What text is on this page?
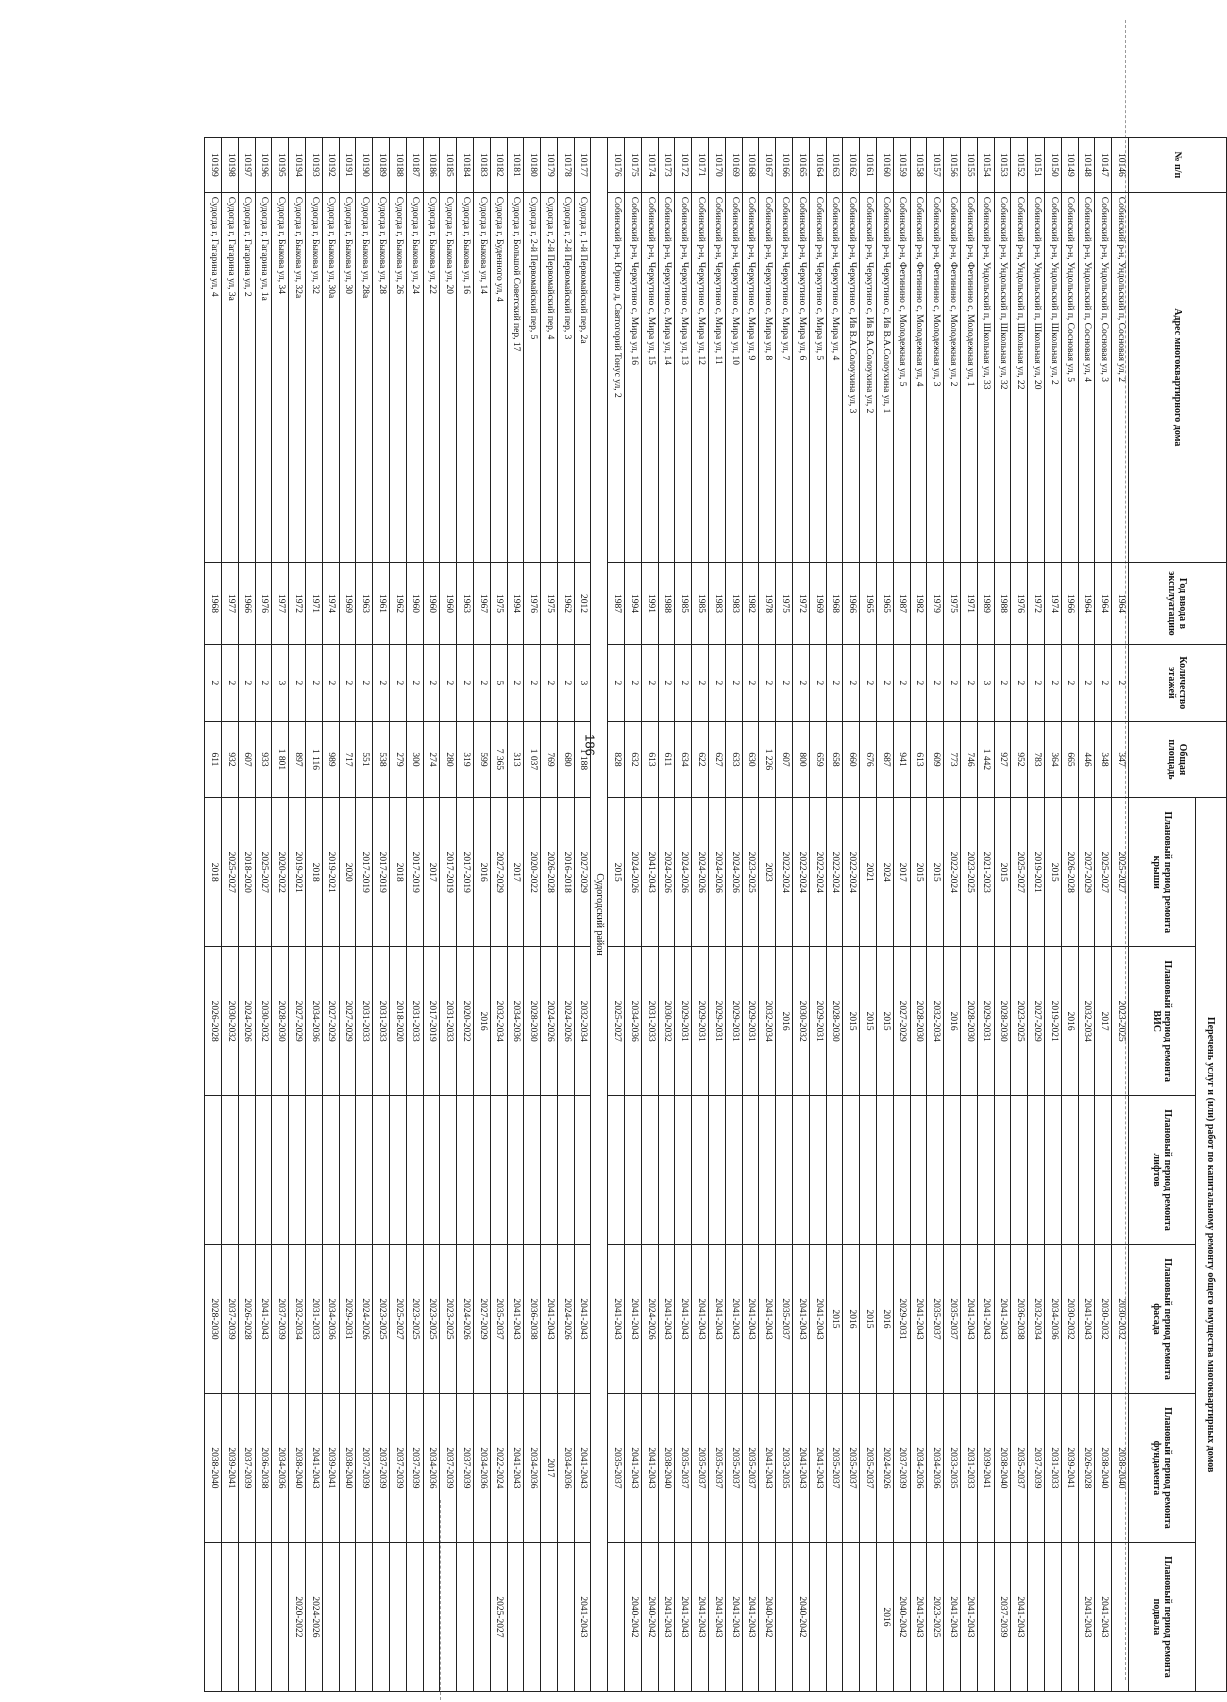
186
№ п/п	Адрес многоквартирного дома	Год ввода в эксплуатацию	Количество этажей	Общая площадь	Перечень услуг и (или) работ по капитальному ремонту общего имущества многоквартирных домов					
					Плановый период ремонта крыши	Плановый период ремонта ВИС	Плановый период ремонта лифтов	Плановый период ремонта фасада	Плановый период ремонта фундамента	Плановый период ремонта подвала
10146	Собинский р-н, Ундольский п, Сосновая ул, 2	1964	2	347	2025-2027	2023-2025		2030-2032	2038-2040	
10147	Собинский р-н, Ундольский п, Сосновая ул, 3	1964	2	348	2025-2027	2017		2030-2032	2038-2040	2041-2043
10148	Собинский р-н, Ундольский п, Сосновая ул, 4	1964	2	446	2027-2029	2032-2034		2041-2043	2026-2028	2041-2043
10149	Собинский р-н, Ундольский п, Сосновая ул, 5	1966	2	665	2026-2028	2016		2030-2032	2039-2041	
10150	Собинский р-н, Ундольский п, Школьная ул, 2	1974	2	364	2015	2019-2021		2034-2036	2031-2033	
10151	Собинский р-н, Ундольский п, Школьная ул, 20	1972	2	783	2019-2021	2027-2029		2032-2034	2037-2039	
10152	Собинский р-н, Ундольский п, Школьная ул, 22	1976	2	952	2025-2027	2023-2025		2036-2038	2035-2037	2041-2043
10153	Собинский р-н, Ундольский п, Школьная ул, 32	1988	2	927	2015	2028-2030		2041-2043	2038-2040	2037-2039
10154	Собинский р-н, Ундольский п, Школьная ул, 33	1989	3	1 442	2021-2023	2029-2031		2041-2043	2039-2041	
10155	Собинский р-н, Фетинино с, Молодежная ул, 1	1971	2	746	2023-2025	2028-2030		2041-2043	2031-2033	2041-2043
10156	Собинский р-н, Фетинино с, Молодежная ул, 2	1975	2	773	2022-2024	2016		2035-2037	2033-2035	2041-2043
10157	Собинский р-н, Фетинино с, Молодежная ул, 3	1979	2	609	2015	2032-2034		2035-2037	2034-2036	2023-2025
10158	Собинский р-н, Фетинино с, Молодежная ул, 4	1982	2	613	2015	2028-2030		2041-2043	2034-2036	2041-2043
10159	Собинский р-н, Фетинино с, Молодежная ул, 5	1987	2	941	2017	2027-2029		2029-2031	2037-2039	2040-2042
10160	Собинский р-н, Черкутино с, Ив В.А.Солоухина ул, 1	1965	2	687	2024	2015		2016	2024-2026	2016
10161	Собинский р-н, Черкутино с, Ив В.А.Солоухина ул, 2	1965	2	676	2021	2015		2015	2035-2037	
10162	Собинский р-н, Черкутино с, Ив В.А.Солоухина ул, 3	1966	2	660	2022-2024	2015		2016	2035-2037	
10163	Собинский р-н, Черкутино с, Мира ул, 4	1968	2	658	2022-2024	2028-2030		2015	2035-2037	
10164	Собинский р-н, Черкутино с, Мира ул, 5	1969	2	659	2022-2024	2029-2031		2041-2043	2041-2043	
10165	Собинский р-н, Черкутино с, Мира ул, 6	1972	2	800	2022-2024	2030-2032		2041-2043	2041-2043	2040-2042
10166	Собинский р-н, Черкутино с, Мира ул, 7	1975	2	607	2022-2024	2016		2035-2037	2033-2035	
10167	Собинский р-н, Черкутино с, Мира ул, 8	1978	2	1 226	2023	2032-2034		2041-2043	2041-2043	2040-2042
10168	Собинский р-н, Черкутино с, Мира ул, 9	1982	2	630	2023-2025	2029-2031		2041-2043	2035-2037	2041-2043
10169	Собинский р-н, Черкутино с, Мира ул, 10	1983	2	633	2024-2026	2029-2031		2041-2043	2035-2037	2041-2043
10170	Собинский р-н, Черкутино с, Мира ул, 11	1983	2	627	2024-2026	2029-2031		2041-2043	2035-2037	2041-2043
10171	Собинский р-н, Черкутино с, Мира ул, 12	1985	2	622	2024-2026	2029-2031		2041-2043	2035-2037	2041-2043
10172	Собинский р-н, Черкутино с, Мира ул, 13	1985	2	634	2024-2026	2029-2031		2041-2043	2035-2037	2041-2043
10173	Собинский р-н, Черкутино с, Мира ул, 14	1988	2	611	2024-2026	2030-2032		2041-2043	2038-2040	2041-2043
10174	Собинский р-н, Черкутино с, Мира ул, 15	1991	2	613	2041-2043	2031-2033		2024-2026	2041-2043	2040-2042
10175	Собинский р-н, Черкутино с, Мира ул, 16	1994	2	632	2024-2026	2034-2036		2041-2043	2041-2043	2040-2042
10176	Собинский р-н, Юрино д, Святогорий Тонус ул, 2	1987	2	828	2015	2025-2027		2041-2043	2035-2037	
Судогодский район										
10177	Судогда г, 1-й Первомайский пер, 2а	2012	3	1 188	2027-2029	2032-2034		2041-2043	2041-2043	2041-2043
10178	Судогда г, 2-й Первомайский пер, 3	1962	2	680	2016-2018	2024-2026		2024-2026	2034-2036	
10179	Судогда г, 2-й Первомайский пер, 4	1975	2	769	2026-2028	2024-2026		2041-2043	2017	
10180	Судогда г, 2-й Первомайский пер, 5	1976	2	1 037	2020-2022	2028-2030		2036-2038	2034-2036	
10181	Судогда г, Большой Советский пер, 17	1994	2	313	2017	2034-2036		2041-2043	2041-2043	
10182	Судогда г, Буденного ул, 4	1975	5	7 365	2027-2029	2032-2034		2035-2037	2022-2024	2025-2027
10183	Судогда г, Быкова ул, 14	1967	2	599	2016	2016		2027-2029	2034-2036	
10184	Судогда г, Быкова ул, 16	1963	2	319	2017-2019	2020-2022		2024-2026	2037-2039	
10185	Судогда г, Быкова ул, 20	1960	2	280	2017-2019	2031-2033		2023-2025	2037-2039	
10186	Судогда г, Быкова ул, 22	1960	2	274	2017	2017-2019		2023-2025	2034-2036	
10187	Судогда г, Быкова ул, 24	1960	2	300	2017-2019	2031-2033		2023-2025	2037-2039	
10188	Судогда г, Быкова ул, 26	1962	2	279	2018	2018-2020		2025-2027	2037-2039	
10189	Судогда г, Быкова ул, 28	1961	2	538	2017-2019	2031-2033		2023-2025	2037-2039	
10190	Судогда г, Быкова ул, 28а	1963	2	551	2017-2019	2031-2033		2024-2026	2037-2039	
10191	Судогда г, Быкова ул, 30	1969	2	717	2020	2027-2029		2029-2031	2038-2040	
10192	Судогда г, Быкова ул, 30а	1974	2	989	2019-2021	2027-2029		2034-2036	2039-2041	
10193	Судогда г, Быкова ул, 32	1971	2	1 116	2018	2034-2036		2031-2033	2041-2043	2024-2026
10194	Судогда г, Быкова ул, 32а	1972	2	897	2019-2021	2027-2029		2032-2034	2038-2040	2020-2022
10195	Судогда г, Быкова ул, 34	1977	3	1 801	2020-2022	2028-2030		2037-2039	2034-2036	
10196	Судогда г, Гагарина ул, 1а	1976	2	933	2025-2027	2030-2032		2041-2043	2036-2038	
10197	Судогда г, Гагарина ул, 2	1966	2	607	2018-2020	2024-2026		2026-2028	2037-2039	
10198	Судогда г, Гагарина ул, 3а	1977	2	932	2025-2027	2030-2032		2037-2039	2039-2041	
10199	Судогда г, Гагарина ул, 4	1968	2	611	2018	2026-2028		2028-2030	2038-2040	
